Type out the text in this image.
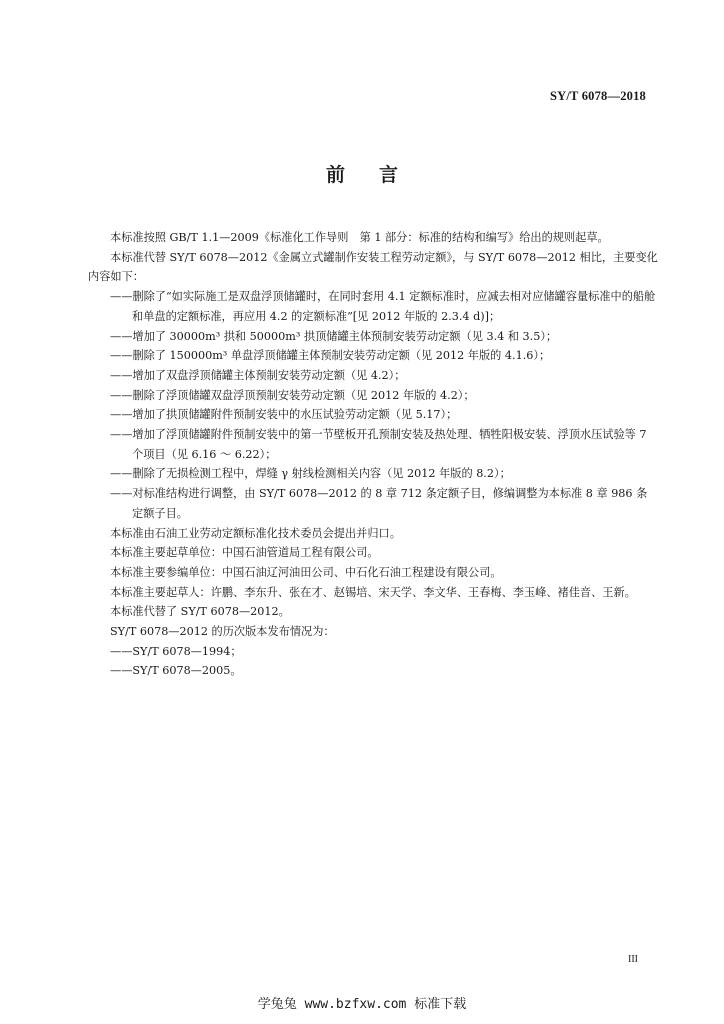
SY/T 6078—2018
前言

本标准按照 GB/T 1.1—2009《标准化工作导则　第 1 部分：标准的结构和编写》给出的规则起草。

本标准代替 SY/T 6078—2012《金属立式罐制作安装工程劳动定额》，与 SY/T 6078—2012 相比，主要变化内容如下：

——删除了“如实际施工是双盘浮顶储罐时，在同时套用 4.1 定额标准时，应减去相对应储罐容量标准中的船舱和单盘的定额标准，再应用 4.2 的定额标准”[见 2012 年版的 2.3.4 d)]；

——增加了 30000m³ 拱和 50000m³ 拱顶储罐主体预制安装劳动定额（见 3.4 和 3.5）；

——删除了 150000m³ 单盘浮顶储罐主体预制安装劳动定额（见 2012 年版的 4.1.6）；

——增加了双盘浮顶储罐主体预制安装劳动定额（见 4.2）；

——删除了浮顶储罐双盘浮顶预制安装劳动定额（见 2012 年版的 4.2）；

——增加了拱顶储罐附件预制安装中的水压试验劳动定额（见 5.17）；

——增加了浮顶储罐附件预制安装中的第一节壁板开孔预制安装及热处理、牺牲阳极安装、浮顶水压试验等 7 个项目（见 6.16 ～ 6.22）；

——删除了无损检测工程中，焊缝 γ 射线检测相关内容（见 2012 年版的 8.2）；

——对标准结构进行调整，由 SY/T 6078—2012 的 8 章 712 条定额子目，修编调整为本标准 8 章 986 条定额子目。

本标准由石油工业劳动定额标准化技术委员会提出并归口。

本标准主要起草单位：中国石油管道局工程有限公司。

本标准主要参编单位：中国石油辽河油田公司、中石化石油工程建设有限公司。

本标准主要起草人：许鹏、李东升、张在才、赵锡培、宋天学、李文华、王春梅、李玉峰、褚佳音、王新。

本标准代替了 SY/T 6078—2012。

SY/T 6078—2012 的历次版本发布情况为：

——SY/T 6078—1994；

——SY/T 6078—2005。

III
学兔兔 www.bzfxw.com 标准下载
